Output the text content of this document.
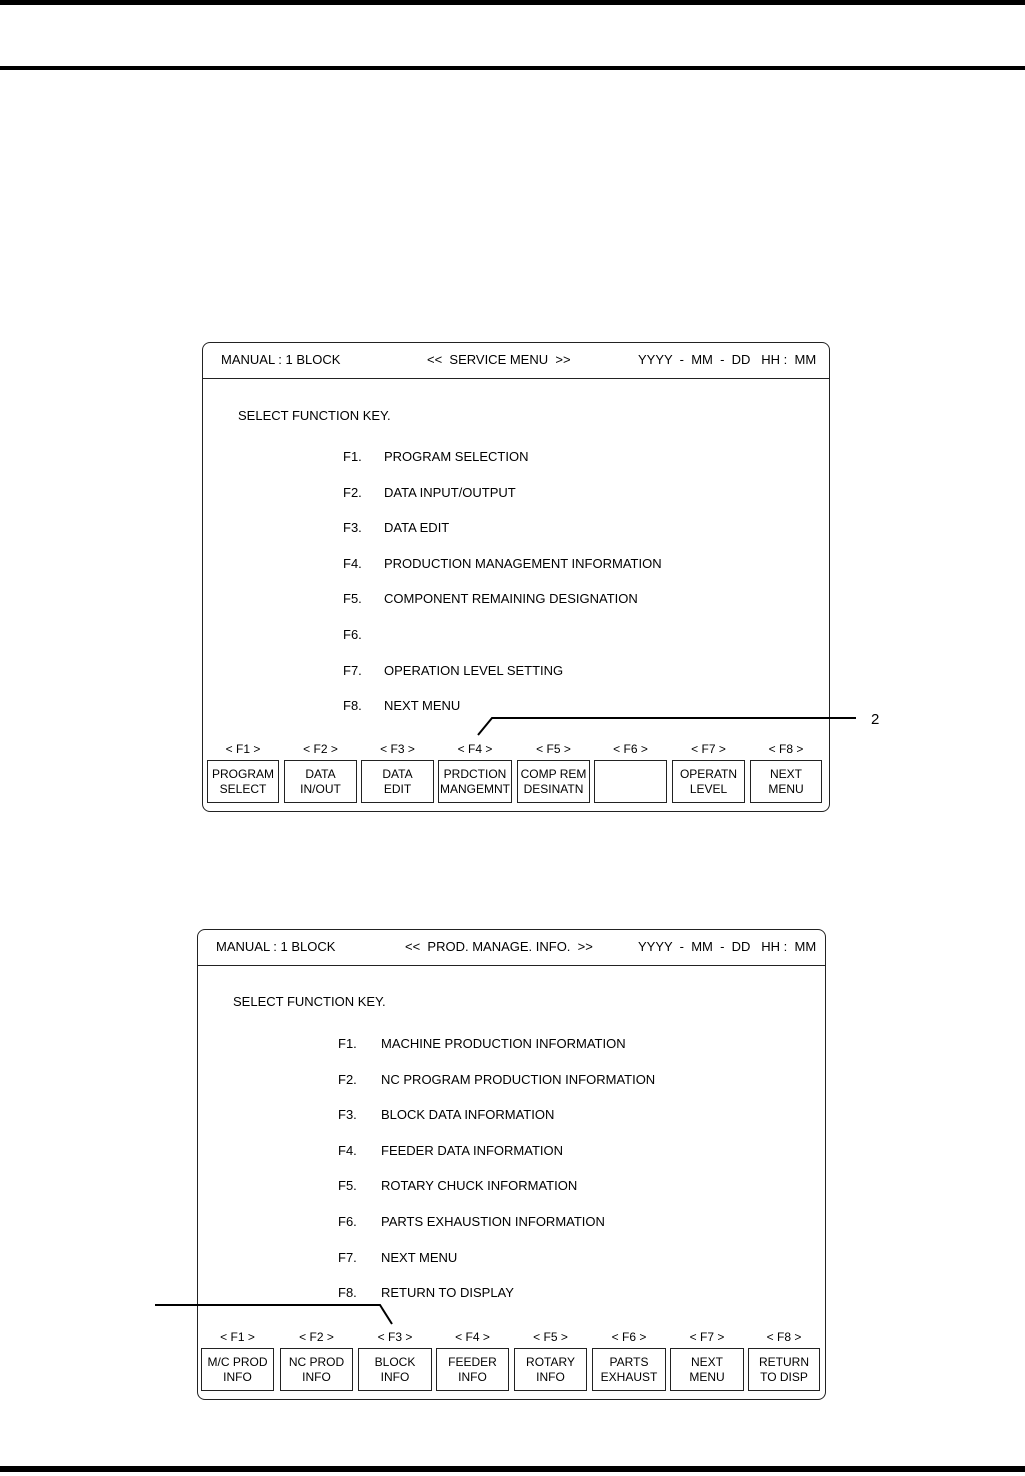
MANUAL : 1 BLOCK	<<  SERVICE MENU  >>	YYYY  -  MM  -  DD   HH :  MM
SELECT FUNCTION KEY.
F1. PROGRAM SELECTION
< F1 >
PROGRAM
SELECT
F2. DATA INPUT/OUTPUT
< F2 >
DATA
IN/OUT
F3. DATA EDIT
< F3 >
DATA
EDIT
F4. PRODUCTION MANAGEMENT INFORMATION
< F4 >
PRDCTION
MANGEMNT
F5. COMPONENT REMAINING DESIGNATION
< F5 >
COMP REM
DESINATN
F6.
< F6 >
F7. OPERATION LEVEL SETTING
< F7 >
OPERATN
LEVEL
F8. NEXT MENU
< F8 >
NEXT
MENU
MANUAL : 1 BLOCK	<<  PROD. MANAGE. INFO.  >>	YYYY  -  MM  -  DD   HH :  MM
SELECT FUNCTION KEY.
F1. MACHINE PRODUCTION INFORMATION
< F1 >
M/C PROD
INFO
F2. NC PROGRAM PRODUCTION INFORMATION
< F2 >
NC PROD
INFO
F3. BLOCK DATA INFORMATION
< F3 >
BLOCK
INFO
F4. FEEDER DATA INFORMATION
< F4 >
FEEDER
INFO
F5. ROTARY CHUCK INFORMATION
< F5 >
ROTARY
INFO
F6. PARTS EXHAUSTION INFORMATION
< F6 >
PARTS
EXHAUST
F7. NEXT MENU
< F7 >
NEXT
MENU
F8. RETURN TO DISPLAY
< F8 >
RETURN
TO DISP
2
